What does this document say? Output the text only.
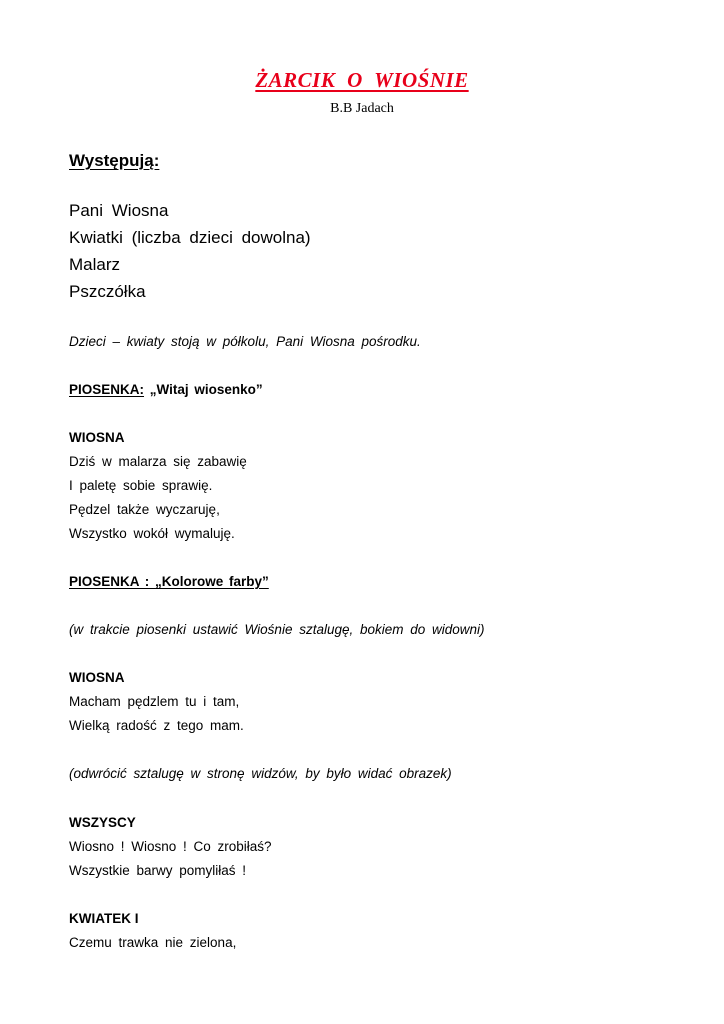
ŻARCIK O WIOŚNIE
B.B Jadach
Występują:
Pani Wiosna
Kwiatki (liczba dzieci dowolna)
Malarz
Pszczółka
Dzieci – kwiaty stoją w półkolu, Pani Wiosna pośrodku.
PIOSENKA: „Witaj wiosenko”
WIOSNA
Dziś w malarza się zabawię
I paletę sobie sprawię.
Pędzel także wyczaruję,
Wszystko wokół wymaluję.
PIOSENKA : „Kolorowe farby”
(w trakcie piosenki ustawić Wiośnie sztalugę, bokiem do widowni)
WIOSNA
Macham pędzlem tu i tam,
Wielką radość z tego mam.
(odwrócić sztalugę w stronę widzów, by było widać obrazek)
WSZYSCY
Wiosno ! Wiosno ! Co zrobiłaś?
Wszystkie barwy pomyliłaś !
KWIATEK I
Czemu trawka nie zielona,
